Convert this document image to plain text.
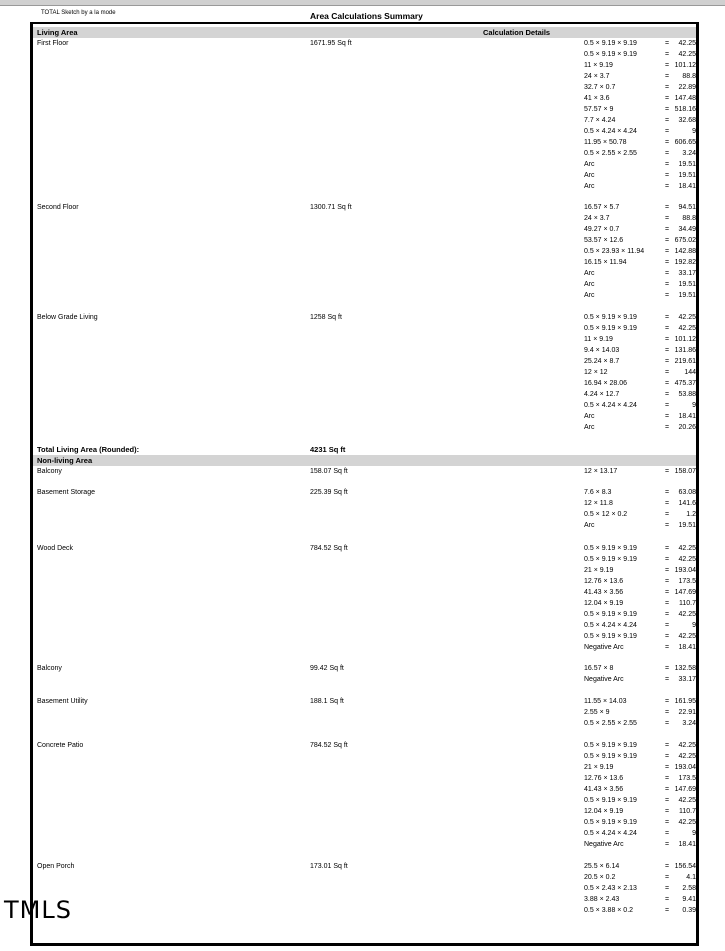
TOTAL Sketch by a la mode	Area Calculations Summary
Living Area	Calculation Details
First Floor	1671.95 Sq ft	0.5 × 9.19 × 9.19	= 42.25
0.5 × 9.19 × 9.19	= 42.25
11 × 9.19	= 101.12
24 × 3.7	= 88.8
32.7 × 0.7	= 22.89
41 × 3.6	= 147.48
57.57 × 9	= 518.16
7.7 × 4.24	= 32.68
0.5 × 4.24 × 4.24	=	9
11.95 × 50.78	= 606.65
0.5 × 2.55 × 2.55	= 3.24
Arc	= 19.51
Arc	= 19.51
Arc	= 18.41
Second Floor	1300.71 Sq ft	16.57 × 5.7	= 94.51
24 × 3.7	= 88.8
49.27 × 0.7	= 34.49
53.57 × 12.6	= 675.02
0.5 × 23.93 × 11.94	= 142.88
16.15 × 11.94	= 192.82
Arc	= 33.17
Arc	= 19.51
Arc	= 19.51
Below Grade Living	1258 Sq ft	0.5 × 9.19 × 9.19	= 42.25
0.5 × 9.19 × 9.19	= 42.25
11 × 9.19	= 101.12
9.4 × 14.03	= 131.86
25.24 × 8.7	= 219.61
12 × 12	= 144
16.94 × 28.06	= 475.37
4.24 × 12.7	= 53.88
0.5 × 4.24 × 4.24	=	9
Arc	= 18.41
Arc	= 20.26
Total Living Area (Rounded):	4231 Sq ft
Non-living Area
Balcony	158.07 Sq ft	12 × 13.17	= 158.07
Basement Storage	225.39 Sq ft	7.6 × 8.3	= 63.08
12 × 11.8	= 141.6
0.5 × 12 × 0.2	= 1.2
Arc	= 19.51
Wood Deck	784.52 Sq ft	0.5 × 9.19 × 9.19	= 42.25
0.5 × 9.19 × 9.19	= 42.25
21 × 9.19	= 193.04
12.76 × 13.6	= 173.5
41.43 × 3.56	= 147.69
12.04 × 9.19	= 110.7
0.5 × 9.19 × 9.19	= 42.25
0.5 × 4.24 × 4.24	=	9
0.5 × 9.19 × 9.19	= 42.25
Negative Arc	= 18.41
Balcony	99.42 Sq ft	16.57 × 8	= 132.58
Negative Arc	= 33.17
Basement Utility	188.1 Sq ft	11.55 × 14.03	= 161.95
2.55 × 9	= 22.91
0.5 × 2.55 × 2.55	= 3.24
Concrete Patio	784.52 Sq ft	0.5 × 9.19 × 9.19	= 42.25
0.5 × 9.19 × 9.19	= 42.25
21 × 9.19	= 193.04
12.76 × 13.6	= 173.5
41.43 × 3.56	= 147.69
0.5 × 9.19 × 9.19	= 42.25
12.04 × 9.19	= 110.7
0.5 × 9.19 × 9.19	= 42.25
0.5 × 4.24 × 4.24	=	9
Negative Arc	= 18.41
Open Porch	173.01 Sq ft	25.5 × 6.14	= 156.54
20.5 × 0.2	= 4.1
0.5 × 2.43 × 2.13	= 2.58
3.88 × 2.43	= 9.41
0.5 × 3.88 × 0.2	= 0.39
TMLS
